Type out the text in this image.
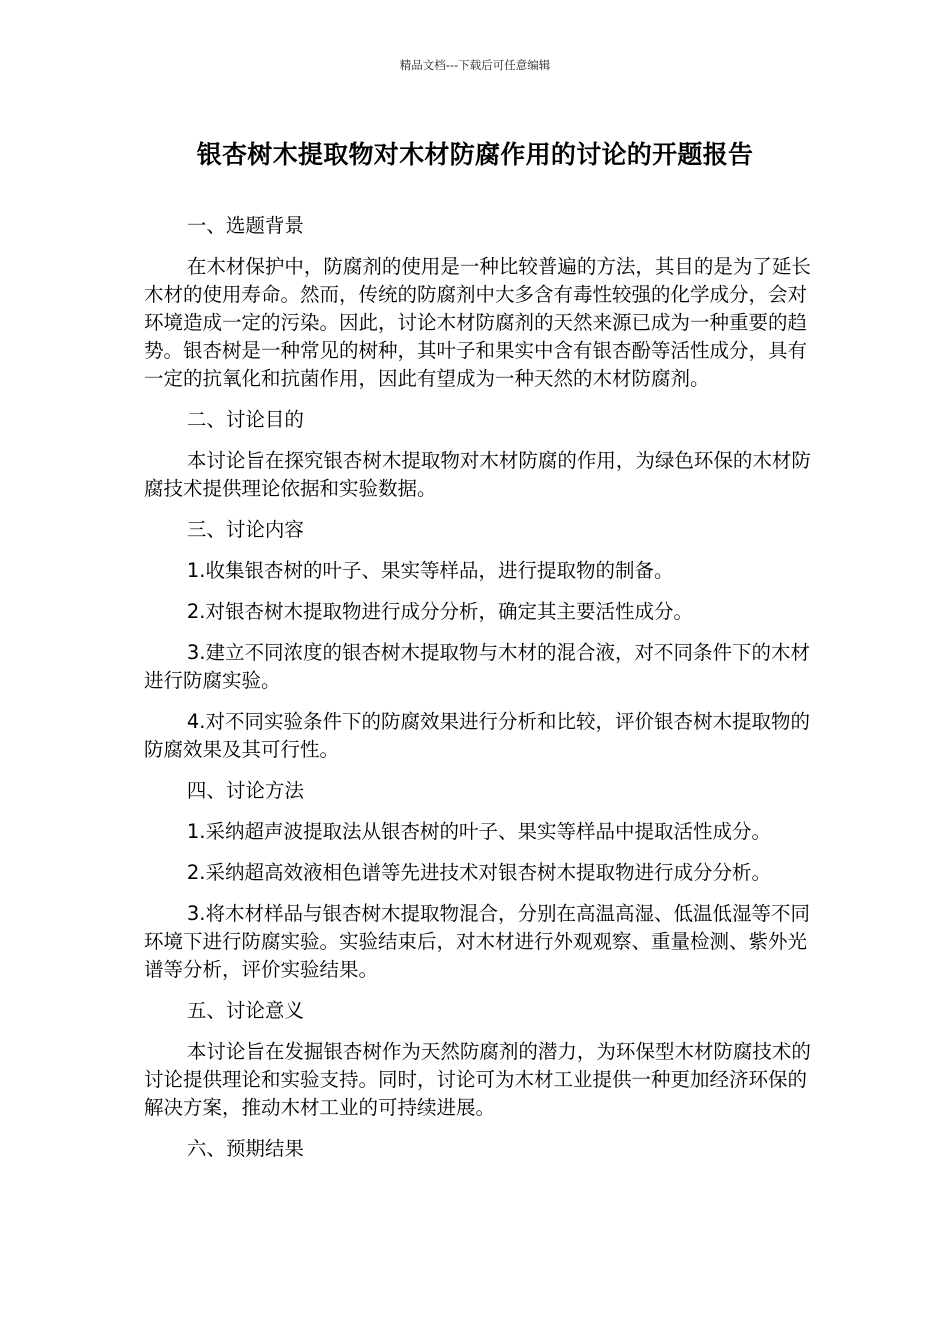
精品文档---下载后可任意编辑
银杏树木提取物对木材防腐作用的讨论的开题报告

一、选题背景

在木材保护中，防腐剂的使用是一种比较普遍的方法，其目的是为了延长木材的使用寿命。然而，传统的防腐剂中大多含有毒性较强的化学成分，会对环境造成一定的污染。因此，讨论木材防腐剂的天然来源已成为一种重要的趋势。银杏树是一种常见的树种，其叶子和果实中含有银杏酚等活性成分，具有一定的抗氧化和抗菌作用，因此有望成为一种天然的木材防腐剂。

二、讨论目的

本讨论旨在探究银杏树木提取物对木材防腐的作用，为绿色环保的木材防腐技术提供理论依据和实验数据。

三、讨论内容

1.收集银杏树的叶子、果实等样品，进行提取物的制备。

2.对银杏树木提取物进行成分分析，确定其主要活性成分。

3.建立不同浓度的银杏树木提取物与木材的混合液，对不同条件下的木材进行防腐实验。

4.对不同实验条件下的防腐效果进行分析和比较，评价银杏树木提取物的防腐效果及其可行性。

四、讨论方法

1.采纳超声波提取法从银杏树的叶子、果实等样品中提取活性成分。

2.采纳超高效液相色谱等先进技术对银杏树木提取物进行成分分析。

3.将木材样品与银杏树木提取物混合，分别在高温高湿、低温低湿等不同环境下进行防腐实验。实验结束后，对木材进行外观观察、重量检测、紫外光谱等分析，评价实验结果。

五、讨论意义

本讨论旨在发掘银杏树作为天然防腐剂的潜力，为环保型木材防腐技术的讨论提供理论和实验支持。同时，讨论可为木材工业提供一种更加经济环保的解决方案，推动木材工业的可持续进展。

六、预期结果
